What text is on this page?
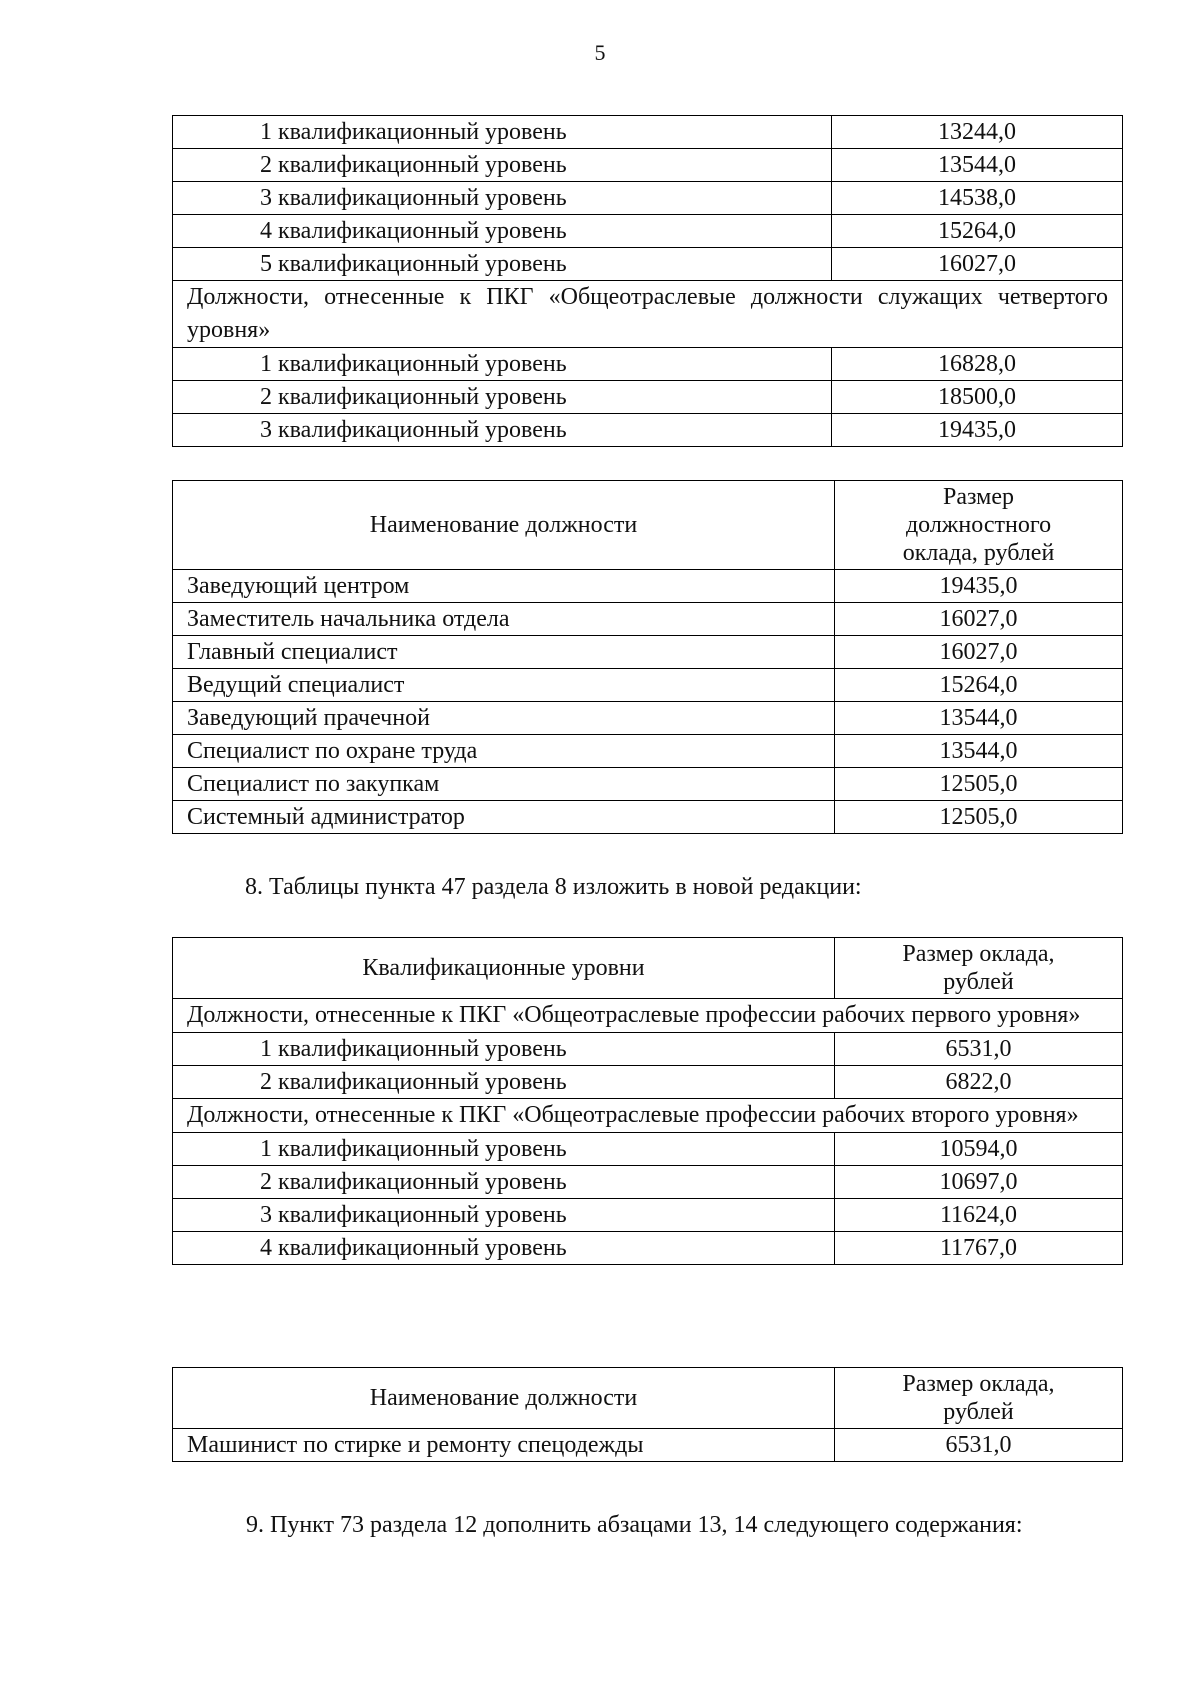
5
1 квалификационный уровень	13244,0
2 квалификационный уровень	13544,0
3 квалификационный уровень	14538,0
4 квалификационный уровень	15264,0
5 квалификационный уровень	16027,0
Должности, отнесенные к ПКГ «Общеотраслевые должности служащих четвертого уровня»	
1 квалификационный уровень	16828,0
2 квалификационный уровень	18500,0
3 квалификационный уровень	19435,0
Наименование должности	Размер
должностного
оклада, рублей

Заведующий центром	19435,0
Заместитель начальника отдела	16027,0
Главный специалист	16027,0
Ведущий специалист	15264,0
Заведующий прачечной	13544,0
Специалист по охране труда	13544,0
Специалист по закупкам	12505,0
Системный администратор	12505,0
8. Таблицы пункта 47 раздела 8 изложить в новой редакции:
Квалификационные уровни	Размер оклада,
рублей

Должности, отнесенные к ПКГ «Общеотраслевые профессии рабочих первого уровня»	
1 квалификационный уровень	6531,0
2 квалификационный уровень	6822,0
Должности, отнесенные к ПКГ «Общеотраслевые профессии рабочих второго уровня»	
1 квалификационный уровень	10594,0
2 квалификационный уровень	10697,0
3 квалификационный уровень	11624,0
4 квалификационный уровень	11767,0
Наименование должности	Размер оклада,
рублей

Машинист по стирке и ремонту спецодежды	6531,0
9. Пункт 73 раздела 12 дополнить абзацами 13, 14 следующего содержания:
